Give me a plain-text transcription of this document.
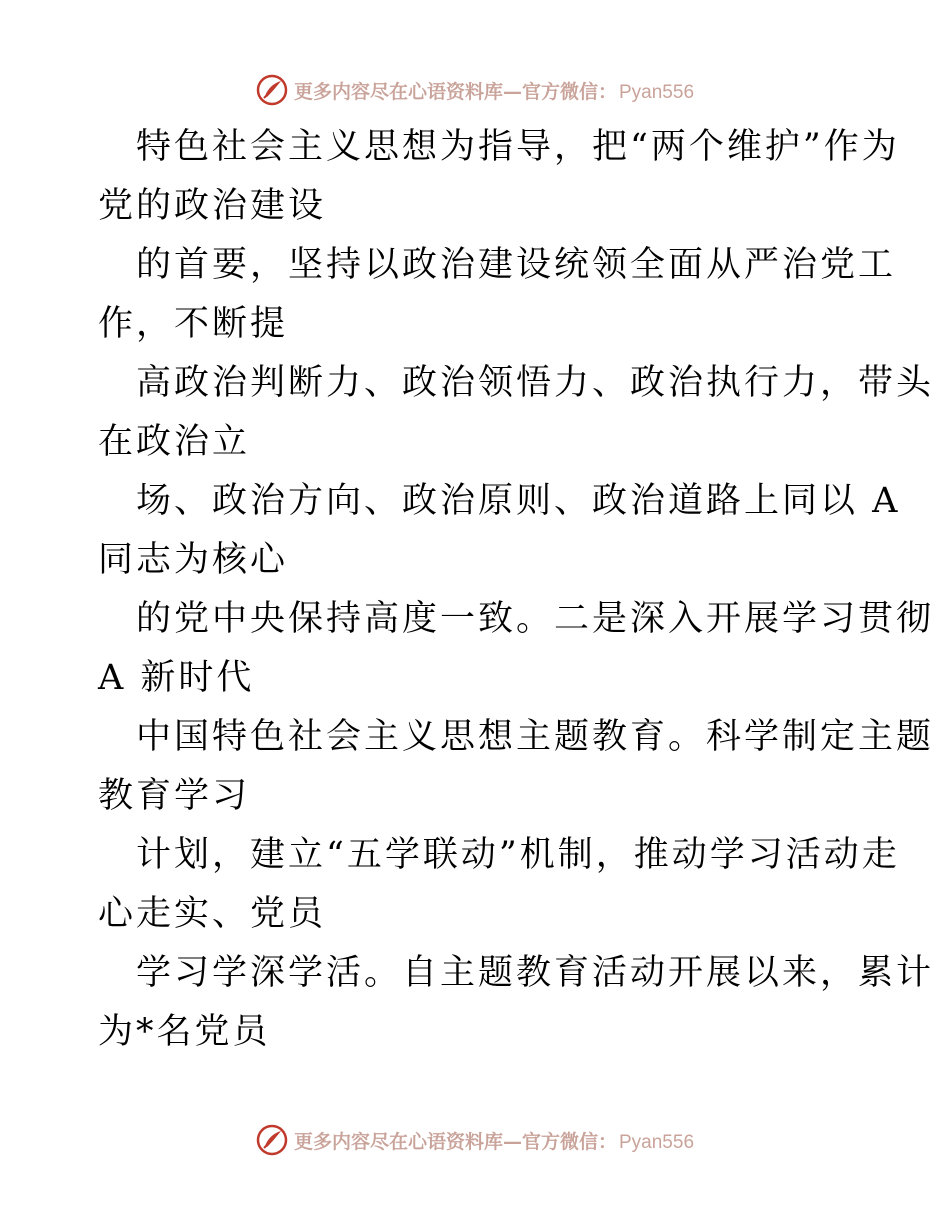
更多内容尽在心语资料库—官方微信： Pyan556
特色社会主义思想为指导，把“两个维护”作为
党的政治建设
的首要，坚持以政治建设统领全面从严治党工
作，不断提
高政治判断力、政治领悟力、政治执行力，带头
在政治立
场、政治方向、政治原则、政治道路上同以 A
同志为核心
的党中央保持高度一致。二是深入开展学习贯彻
A 新时代
中国特色社会主义思想主题教育。科学制定主题
教育学习
计划，建立“五学联动”机制，推动学习活动走
心走实、党员
学习学深学活。自主题教育活动开展以来，累计
为*名党员
更多内容尽在心语资料库—官方微信： Pyan556
